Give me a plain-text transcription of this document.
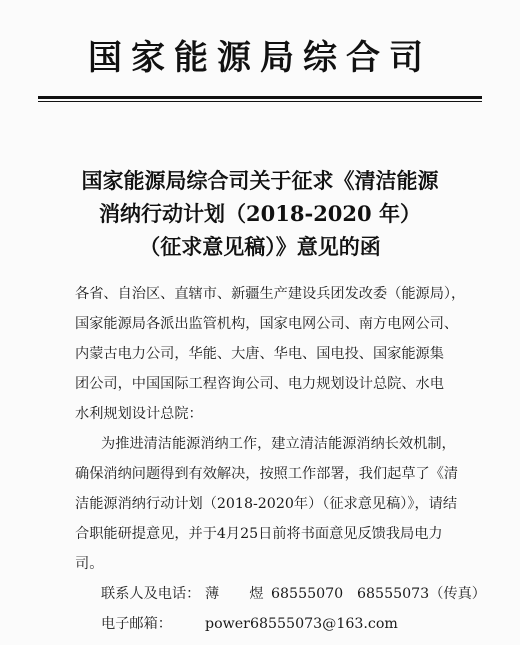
国家能源局综合司
国家能源局综合司关于征求《清洁能源
消纳行动计划（2018-2020 年）
（征求意见稿）》意见的函
各省、自治区、直辖市、新疆生产建设兵团发改委（能源局），
国家能源局各派出监管机构，国家电网公司、南方电网公司、
内蒙古电力公司，华能、大唐、华电、国电投、国家能源集
团公司，中国国际工程咨询公司、电力规划设计总院、水电
水利规划设计总院：
为推进清洁能源消纳工作，建立清洁能源消纳长效机制，
确保消纳问题得到有效解决，按照工作部署，我们起草了《清
洁能源消纳行动计划（2018-2020年）（征求意见稿）》，请结
合职能研提意见，并于4月25日前将书面意见反馈我局电力
司。
联系人及电话： 薄　煜68555070 68555073（传真）
电子邮箱： power68555073@163.com
